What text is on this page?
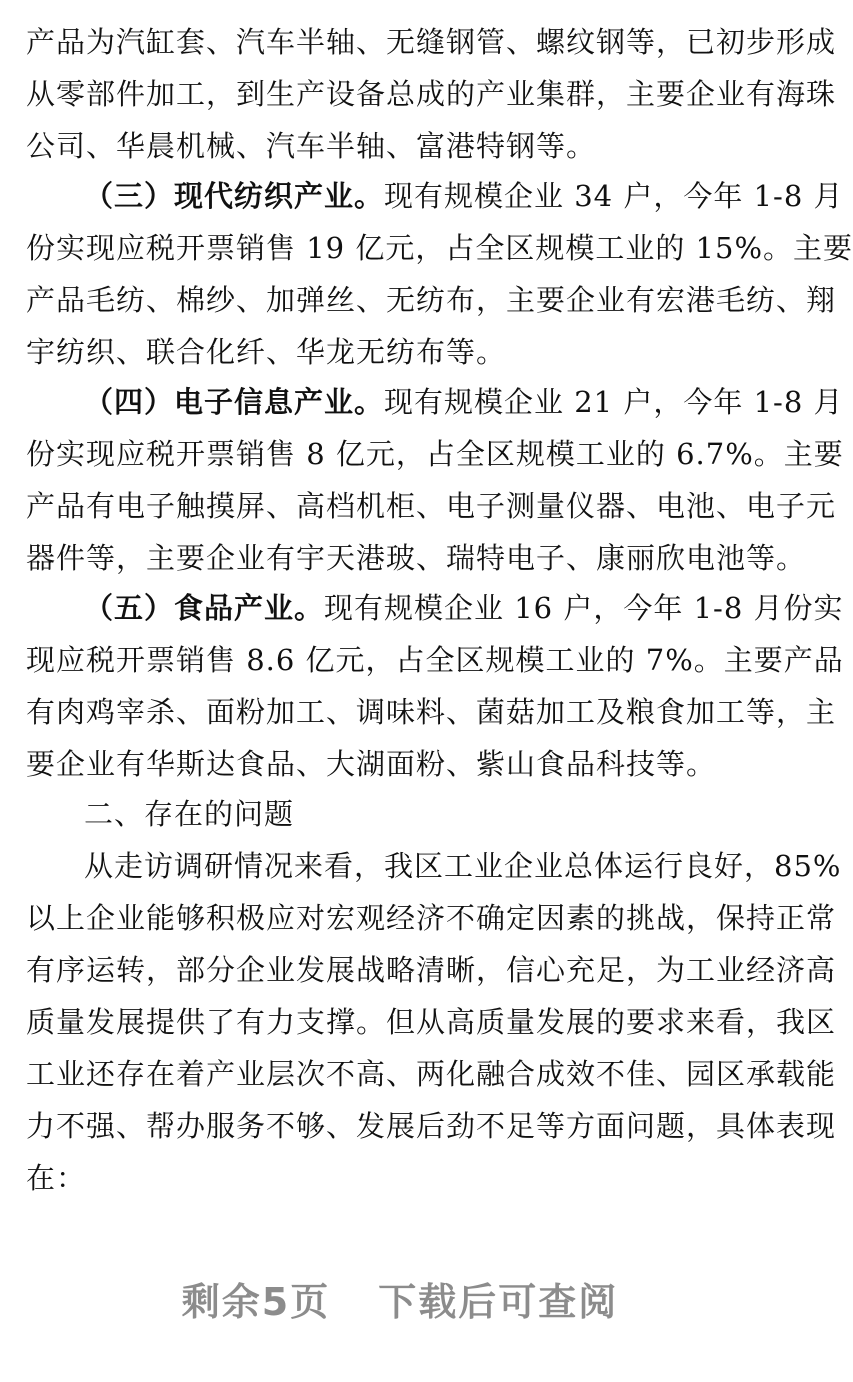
产品为汽缸套、汽车半轴、无缝钢管、螺纹钢等，已初步形成
从零部件加工，到生产设备总成的产业集群，主要企业有海珠
公司、华晨机械、汽车半轴、富港特钢等。
（三）现代纺织产业。现有规模企业 34 户，今年 1-8 月
份实现应税开票销售 19 亿元，占全区规模工业的 15%。主要
产品毛纺、棉纱、加弹丝、无纺布，主要企业有宏港毛纺、翔
宇纺织、联合化纤、华龙无纺布等。
（四）电子信息产业。现有规模企业 21 户，今年 1-8 月
份实现应税开票销售 8 亿元，占全区规模工业的 6.7%。主要
产品有电子触摸屏、高档机柜、电子测量仪器、电池、电子元
器件等，主要企业有宇天港玻、瑞特电子、康丽欣电池等。
（五）食品产业。现有规模企业 16 户，今年 1-8 月份实
现应税开票销售 8.6 亿元，占全区规模工业的 7%。主要产品
有肉鸡宰杀、面粉加工、调味料、菌菇加工及粮食加工等，主
要企业有华斯达食品、大湖面粉、紫山食品科技等。
二、存在的问题
从走访调研情况来看，我区工业企业总体运行良好，85%
以上企业能够积极应对宏观经济不确定因素的挑战，保持正常
有序运转，部分企业发展战略清晰，信心充足，为工业经济高
质量发展提供了有力支撑。但从高质量发展的要求来看，我区
工业还存在着产业层次不高、两化融合成效不佳、园区承载能
力不强、帮办服务不够、发展后劲不足等方面问题，具体表现
在：
剩余5页 下载后可查阅
